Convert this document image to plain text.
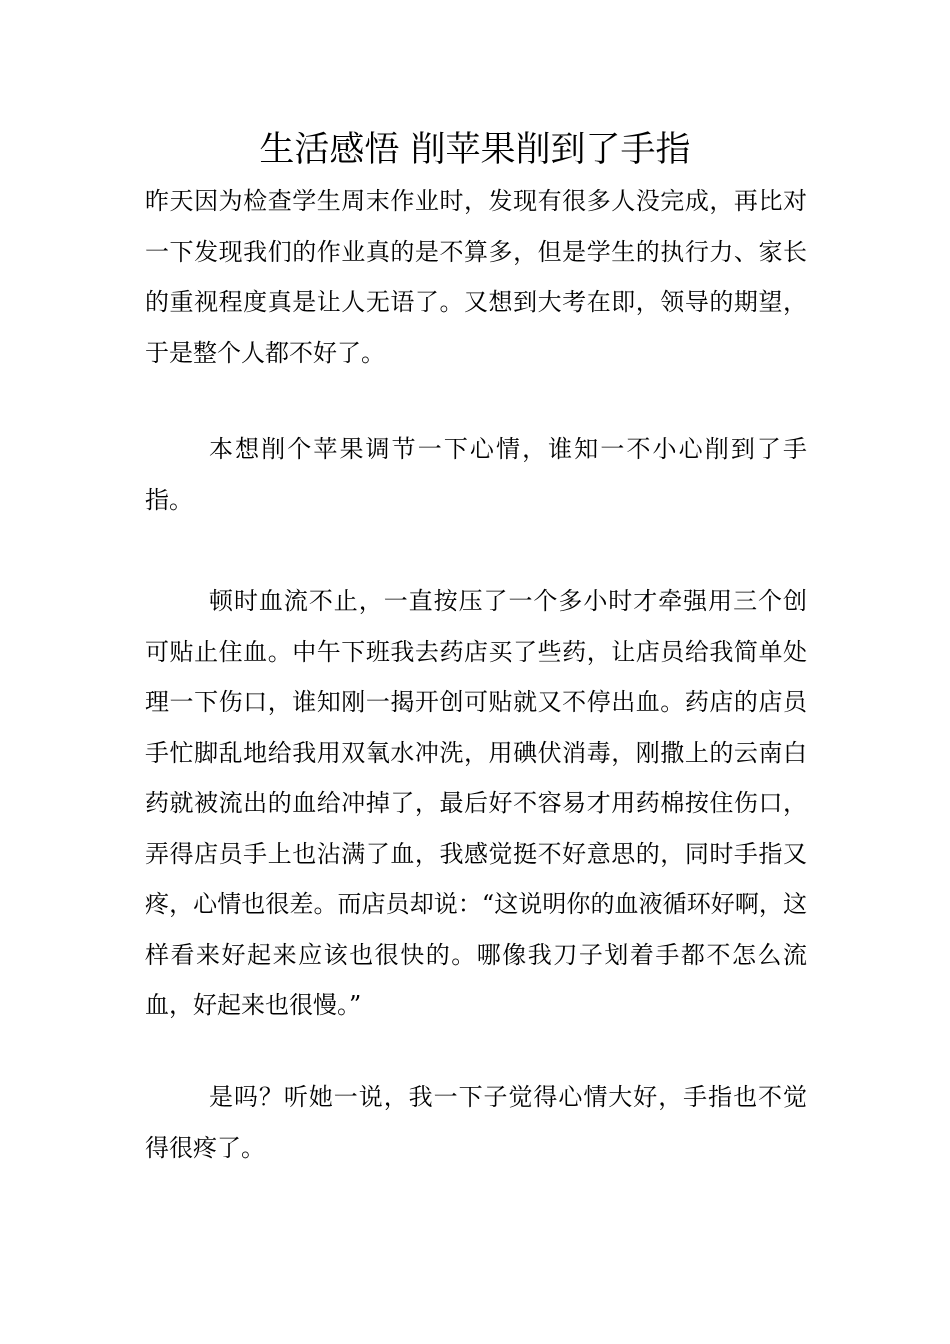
生活感悟 削苹果削到了手指

昨天因为检查学生周末作业时，发现有很多人没完成，再比对一下发现我们的作业真的是不算多，但是学生的执行力、家长的重视程度真是让人无语了。又想到大考在即，领导的期望，于是整个人都不好了。

本想削个苹果调节一下心情，谁知一不小心削到了手指。

顿时血流不止，一直按压了一个多小时才牵强用三个创可贴止住血。中午下班我去药店买了些药，让店员给我简单处理一下伤口，谁知刚一揭开创可贴就又不停出血。药店的店员手忙脚乱地给我用双氧水冲洗，用碘伏消毒，刚撒上的云南白药就被流出的血给冲掉了，最后好不容易才用药棉按住伤口，弄得店员手上也沾满了血，我感觉挺不好意思的，同时手指又疼，心情也很差。而店员却说：“这说明你的血液循环好啊，这样看来好起来应该也很快的。哪像我刀子划着手都不怎么流血，好起来也很慢。”

是吗？听她一说，我一下子觉得心情大好，手指也不觉得很疼了。
